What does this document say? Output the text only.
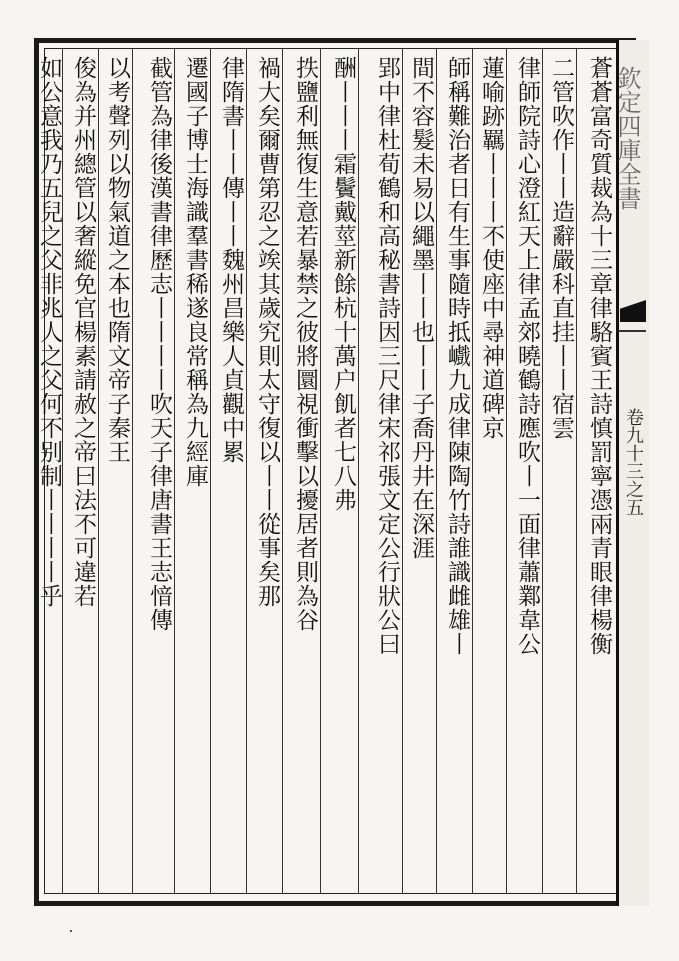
欽定四庫全書
卷九十三之五
蒼蒼富奇質裁為十三章律駱賓王詩慎罰寧憑兩青眼律楊衡
二管吹作丨丨造辭嚴科直挂丨丨宿雲
律師院詩心澄紅天上律孟郊曉鶴詩應吹丨一面律蕭鄴韋公
蓮喻跡羈丨丨丨不使座中尋神道碑京
師稱難治者日有生事隨時抵巇九成律陳陶竹詩誰識雌雄丨
間不容髮未易以繩墨丨丨也丨丨子喬丹井在深涯
郢中律杜荀鶴和高秘書詩因三尺律宋祁張文定公行狀公曰
酬丨丨丨霜鬢戴莖新餘杭十萬户飢者七八弗
抶鹽利無復生意若暴禁之彼將圜視衝擊以擾居者則為谷
禍大矣爾曹第忍之竢其歲究則太守復以丨丨從事矣那
律隋書丨丨傳丨丨魏州昌樂人貞觀中累
遷國子博士海識羣書稀遂良常稱為九經庫
截管為律後漢書律歷志丨丨丨丨吹天子律唐書王志愔傳
以考聲列以物氣道之本也隋文帝子秦王
俊為并州總管以奢縱免官楊素請赦之帝曰法不可違若
如公意我乃五兒之父非兆人之父何不别制丨丨丨丨乎
